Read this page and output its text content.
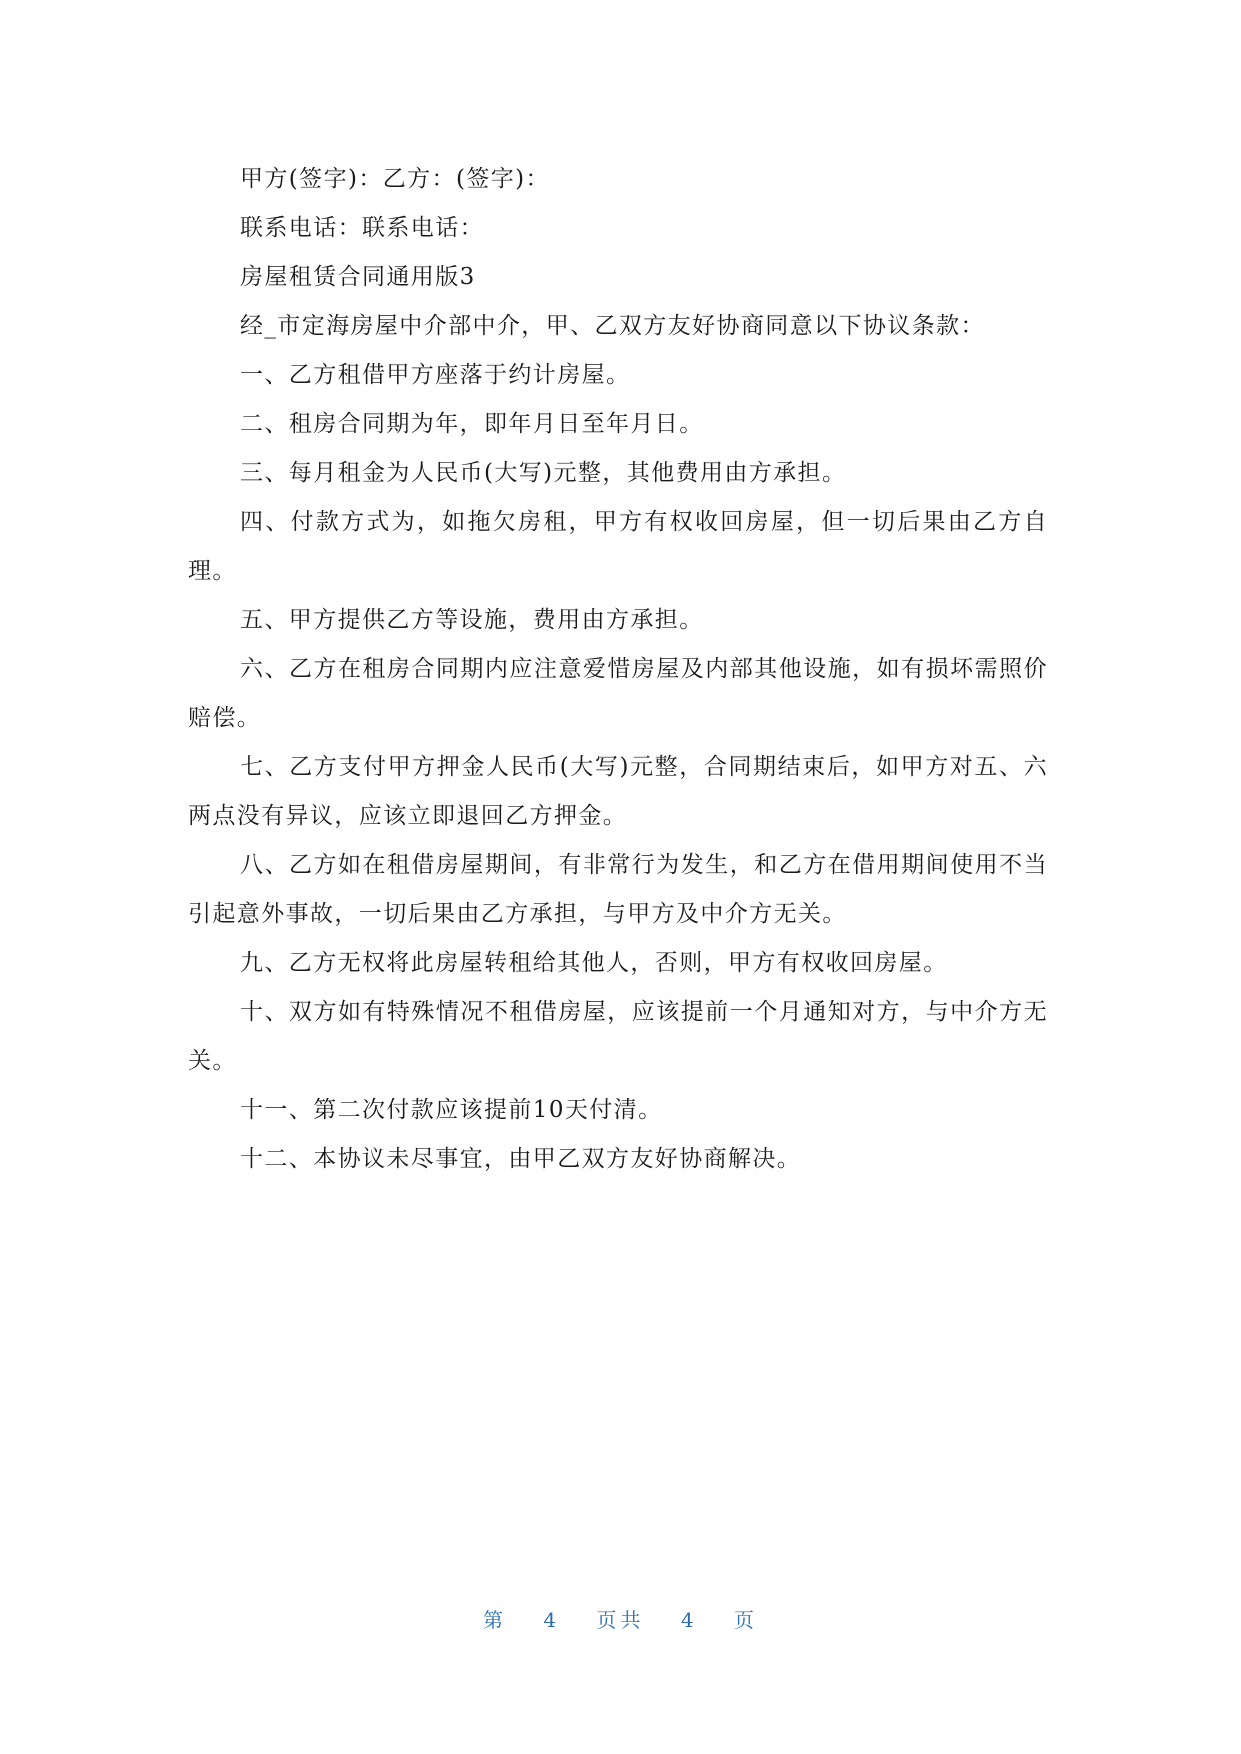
甲方(签字)：乙方：(签字)：

联系电话：联系电话：

房屋租赁合同通用版3

经_市定海房屋中介部中介，甲、乙双方友好协商同意以下协议条款：

一、乙方租借甲方座落于约计房屋。

二、租房合同期为年，即年月日至年月日。

三、每月租金为人民币(大写)元整，其他费用由方承担。

四、付款方式为，如拖欠房租，甲方有权收回房屋，但一切后果由乙方自理。

五、甲方提供乙方等设施，费用由方承担。

六、乙方在租房合同期内应注意爱惜房屋及内部其他设施，如有损坏需照价赔偿。

七、乙方支付甲方押金人民币(大写)元整，合同期结束后，如甲方对五、六两点没有异议，应该立即退回乙方押金。

八、乙方如在租借房屋期间，有非常行为发生，和乙方在借用期间使用不当引起意外事故，一切后果由乙方承担，与甲方及中介方无关。

九、乙方无权将此房屋转租给其他人，否则，甲方有权收回房屋。

十、双方如有特殊情况不租借房屋，应该提前一个月通知对方，与中介方无关。

十一、第二次付款应该提前10天付清。

十二、本协议未尽事宜，由甲乙双方友好协商解决。

第 4 页共 4 页
